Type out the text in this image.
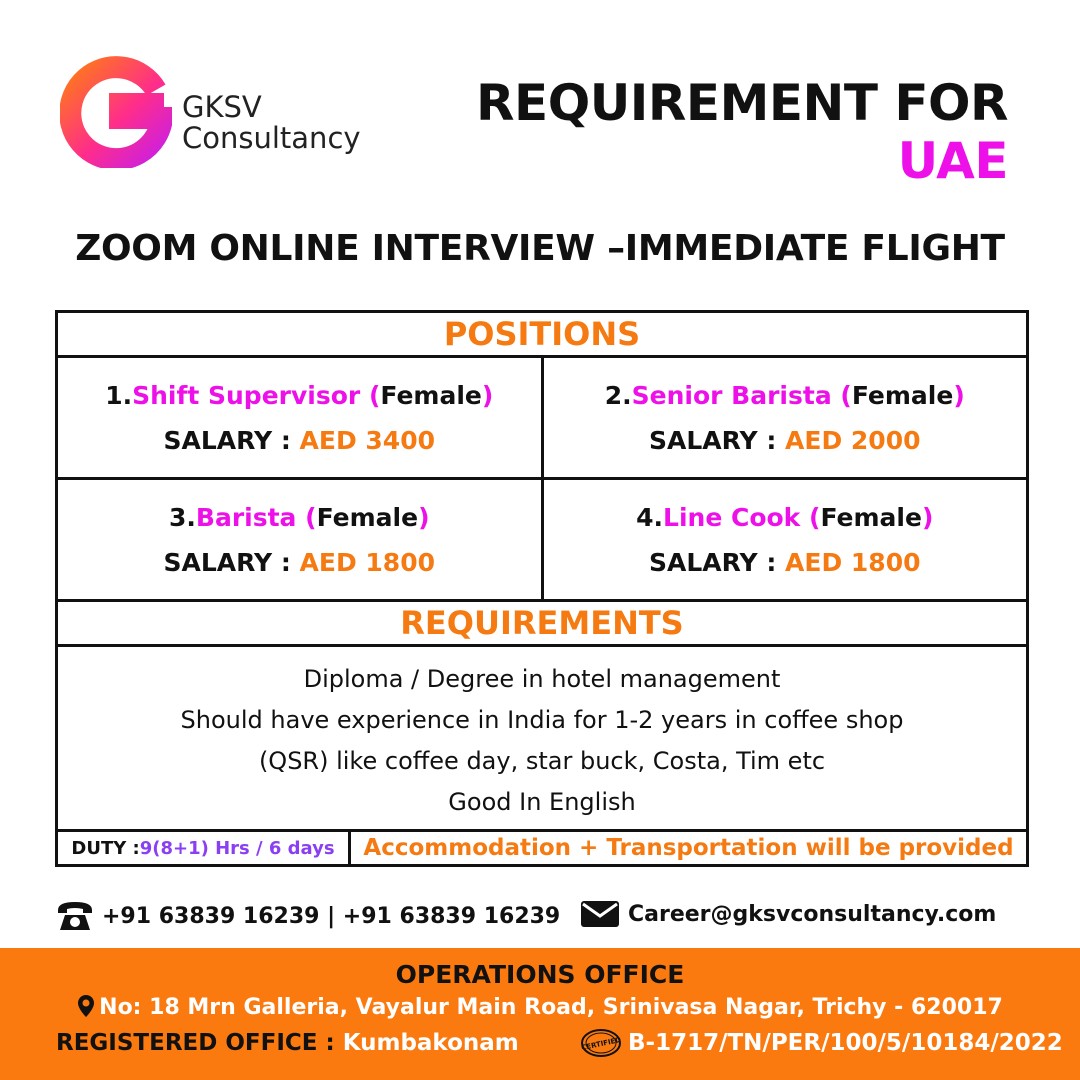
GKSV
Consultancy
REQUIREMENT FOR
UAE
ZOOM ONLINE INTERVIEW –IMMEDIATE FLIGHT
POSITIONS
1.Shift Supervisor (Female)
SALARY : AED 3400
2.Senior Barista (Female)
SALARY : AED 2000
3.Barista (Female)
SALARY : AED 1800
4.Line Cook (Female)
SALARY : AED 1800
REQUIREMENTS
Diploma / Degree in hotel management
Should have experience in India for 1-2 years in coffee shop
(QSR) like coffee day, star buck, Costa, Tim etc
Good In English
DUTY : 9(8+1) Hrs / 6 days	Accommodation + Transportation will be provided
+91 63839 16239 | +91 63839 16239	Career@gksvconsultancy.com
OPERATIONS OFFICE
No: 18 Mrn Galleria, Vayalur Main Road, Srinivasa Nagar, Trichy - 620017
REGISTERED OFFICE : Kumbakonam	CERTIFIED B-1717/TN/PER/100/5/10184/2022
